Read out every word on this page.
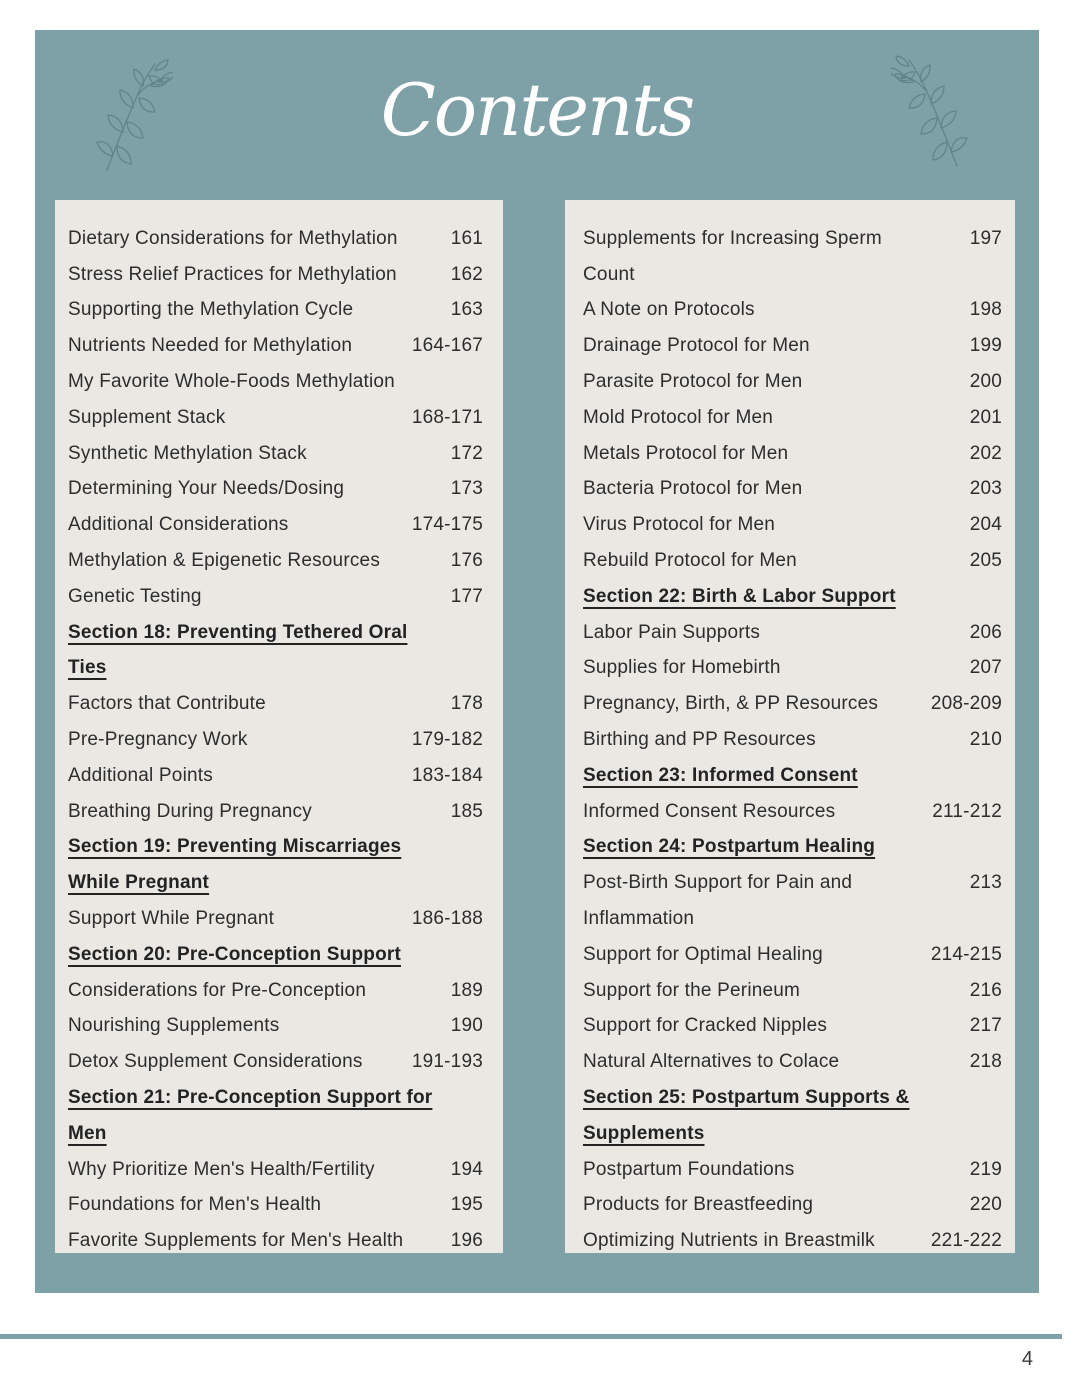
Contents
Dietary Considerations for Methylation	161
Stress Relief Practices for Methylation	162
Supporting the Methylation Cycle	163
Nutrients Needed for Methylation	164-167
My Favorite Whole-Foods Methylation
Supplement Stack	168-171
Synthetic Methylation Stack	172
Determining Your Needs/Dosing	173
Additional Considerations	174-175
Methylation & Epigenetic Resources	176
Genetic Testing	177
Section 18: Preventing Tethered Oral
Ties
Factors that Contribute	178
Pre-Pregnancy Work	179-182
Additional Points	183-184
Breathing During Pregnancy	185
Section 19: Preventing Miscarriages
While Pregnant
Support While Pregnant	186-188
Section 20: Pre-Conception Support
Considerations for Pre-Conception	189
Nourishing Supplements	190
Detox Supplement Considerations	191-193
Section 21: Pre-Conception Support for
Men
Why Prioritize Men's Health/Fertility	194
Foundations for Men's Health	195
Favorite Supplements for Men's Health	196
Supplements for Increasing Sperm	197
Count
A Note on Protocols	198
Drainage Protocol for Men	199
Parasite Protocol for Men	200
Mold Protocol for Men	201
Metals Protocol for Men	202
Bacteria Protocol for Men	203
Virus Protocol for Men	204
Rebuild Protocol for Men	205
Section 22: Birth & Labor Support
Labor Pain Supports	206
Supplies for Homebirth	207
Pregnancy, Birth, & PP Resources	208-209
Birthing and PP Resources	210
Section 23: Informed Consent
Informed Consent Resources	211-212
Section 24: Postpartum Healing
Post-Birth Support for Pain and	213
Inflammation
Support for Optimal Healing	214-215
Support for the Perineum	216
Support for Cracked Nipples	217
Natural Alternatives to Colace	218
Section 25: Postpartum Supports &
Supplements
Postpartum Foundations	219
Products for Breastfeeding	220
Optimizing Nutrients in Breastmilk	221-222
4
